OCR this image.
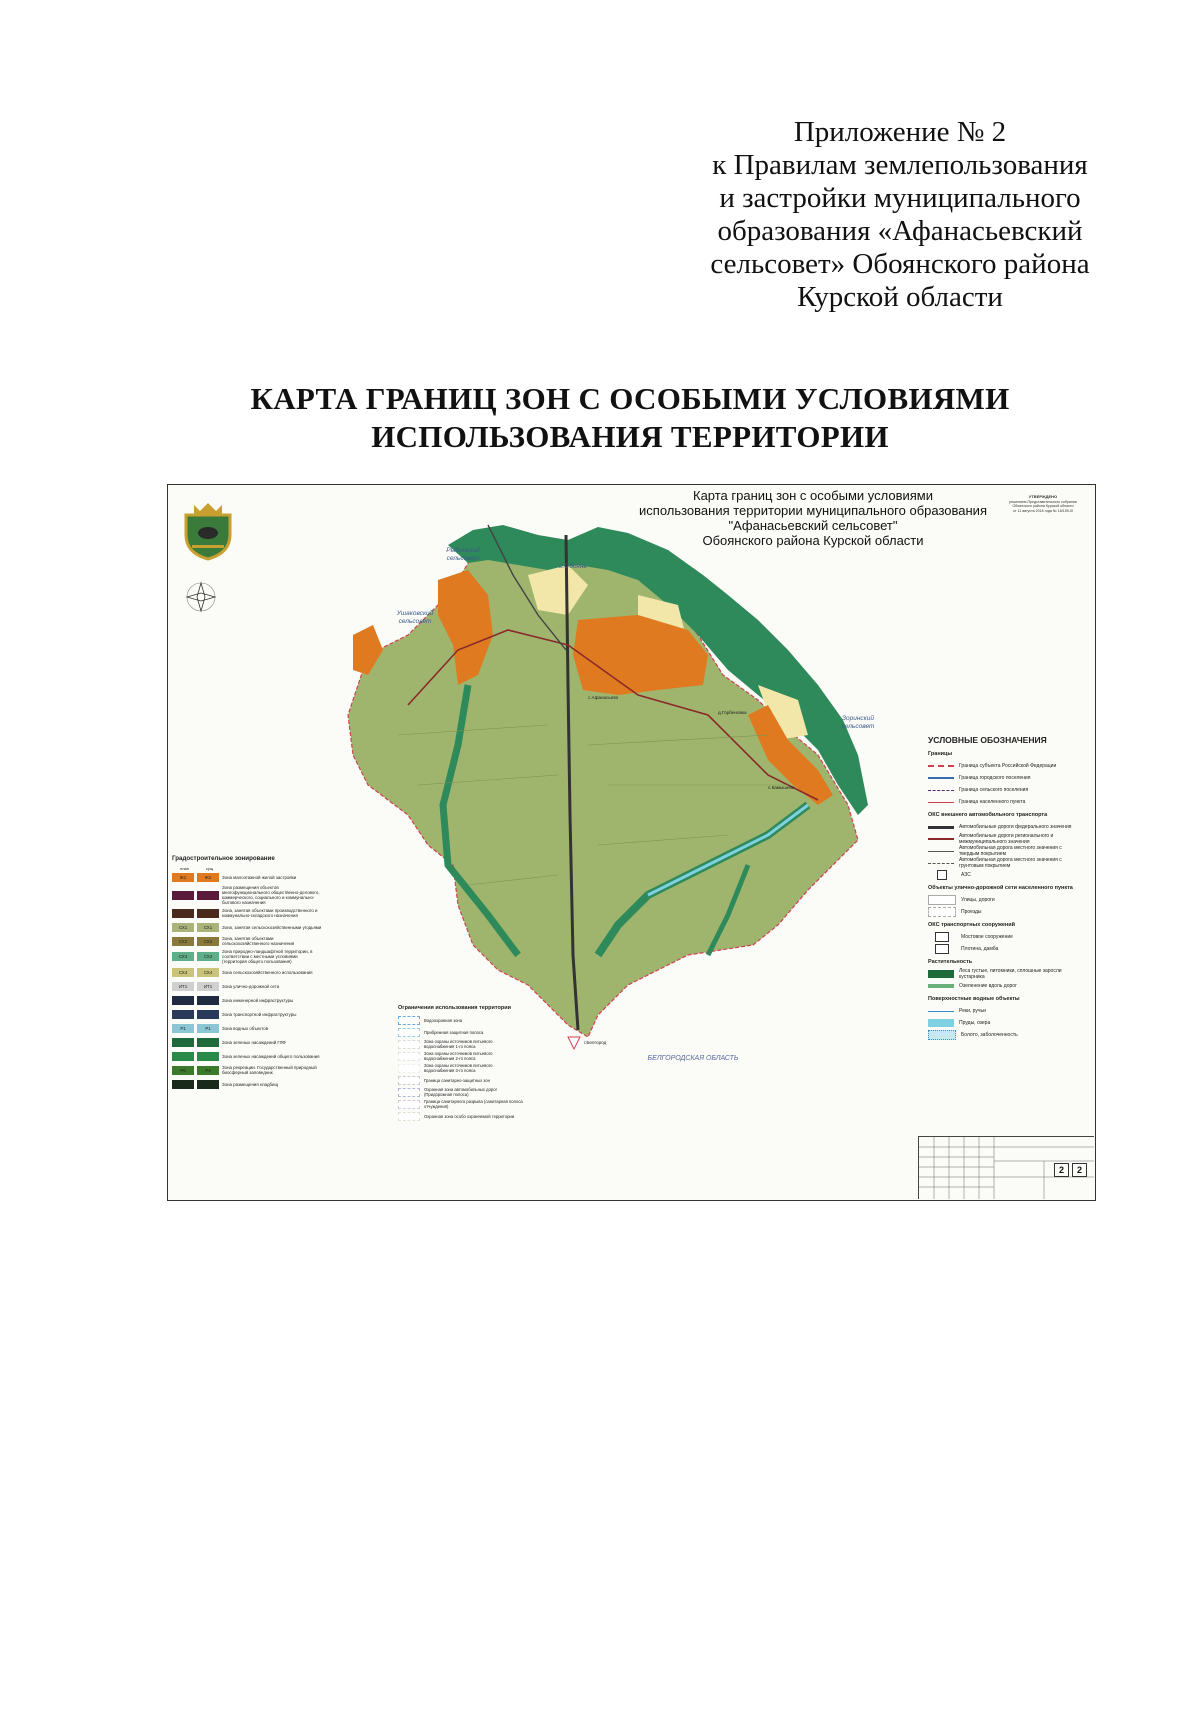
Приложение № 2
к Правилам землепользования
и застройки муниципального
образования «Афанасьевский
сельсовет» Обоянского района
Курской области
КАРТА ГРАНИЦ ЗОН С ОСОБЫМИ УСЛОВИЯМИ
ИСПОЛЬЗОВАНИЯ ТЕРРИТОРИИ
Карта границ зон с особыми условиями
использования территории муниципального образования
"Афанасьевский сельсовет"
Обоянского района Курской области
УТВЕРЖДЕНО
решением Представительного собрания
Обоянского района Курской области
от 11 августа 2016 года № 18/159-III
Рыбинский сельсовет
Ушаковский сельсовет
г.Обоянь
Зоринский сельсовет
БЕЛГОРОДСКАЯ ОБЛАСТЬ
г.Белгород
с.Афанасьево
д.Горбеновка
с.Камышное
УСЛОВНЫЕ ОБОЗНАЧЕНИЯ
Границы
Граница субъекта Российской Федерации
Граница городского поселения
Граница сельского поселения
Граница населенного пункта
ОКС внешнего автомобильного транспорта
Автомобильные дороги федерального значения
Автомобильные дороги регионального и межмуниципального значения
Автомобильная дорога местного значения с твердым покрытием
Автомобильная дорога местного значения с грунтовым покрытием
АЗС
Объекты улично-дорожной сети населенного пункта
Улицы, дороги
Проезды
ОКС транспортных сооружений
Мостовое сооружение
Плотина, дамба
Растительность
Леса густые, питомники, сплошные заросли кустарника
Озеленение вдоль дорог
Поверхностные водные объекты
Реки, ручьи
Пруды, озера
Болото, заболоченность
Градостроительное зонирование
план	сущ
Ж1	Ж1	Зона малоэтажной жилой застройки
Зона размещения объектов многофункционального общественно-делового, коммерческого, социального и коммунально-бытового назначения
Зона, занятая объектами производственного и коммунально-складского назначения
СХ1	СХ1	Зона, занятая сельскохозяйственными угодьями
СХ2	СХ2	Зона, занятая объектами сельскохозяйственного назначения
СХ3	СХ3
Зона природно-ландшафтной территории, в соответствии с местными условиями (территория общего пользования)
СХ4	СХ4	Зона сельскохозяйственного использования
ИТ1	ИТ1	Зона улично-дорожной сети
Зона инженерной инфраструктуры
Зона транспортной инфраструктуры
Р1	Р1	Зона водных объектов
Зона зеленых насаждений ГЛФ
Зона зеленых насаждений общего пользования
Р6	Р4	Зона рекреации. Государственный природный биосферный заповедник
Зона размещения кладбищ
Ограничения использования территории
Водоохранная зона
Прибрежная защитная полоса
Зона охраны источников питьевого водоснабжения 1-го пояса
Зона охраны источников питьевого водоснабжения 2-го пояса
Зона охраны источников питьевого водоснабжения 3-го пояса
Граница санитарно-защитных зон
Охранная зона автомобильных дорог (Придорожная полоса)
Граница санитарного разрыва (санитарная полоса отчуждения)
Охранная зона особо охраняемой территории
2	2
